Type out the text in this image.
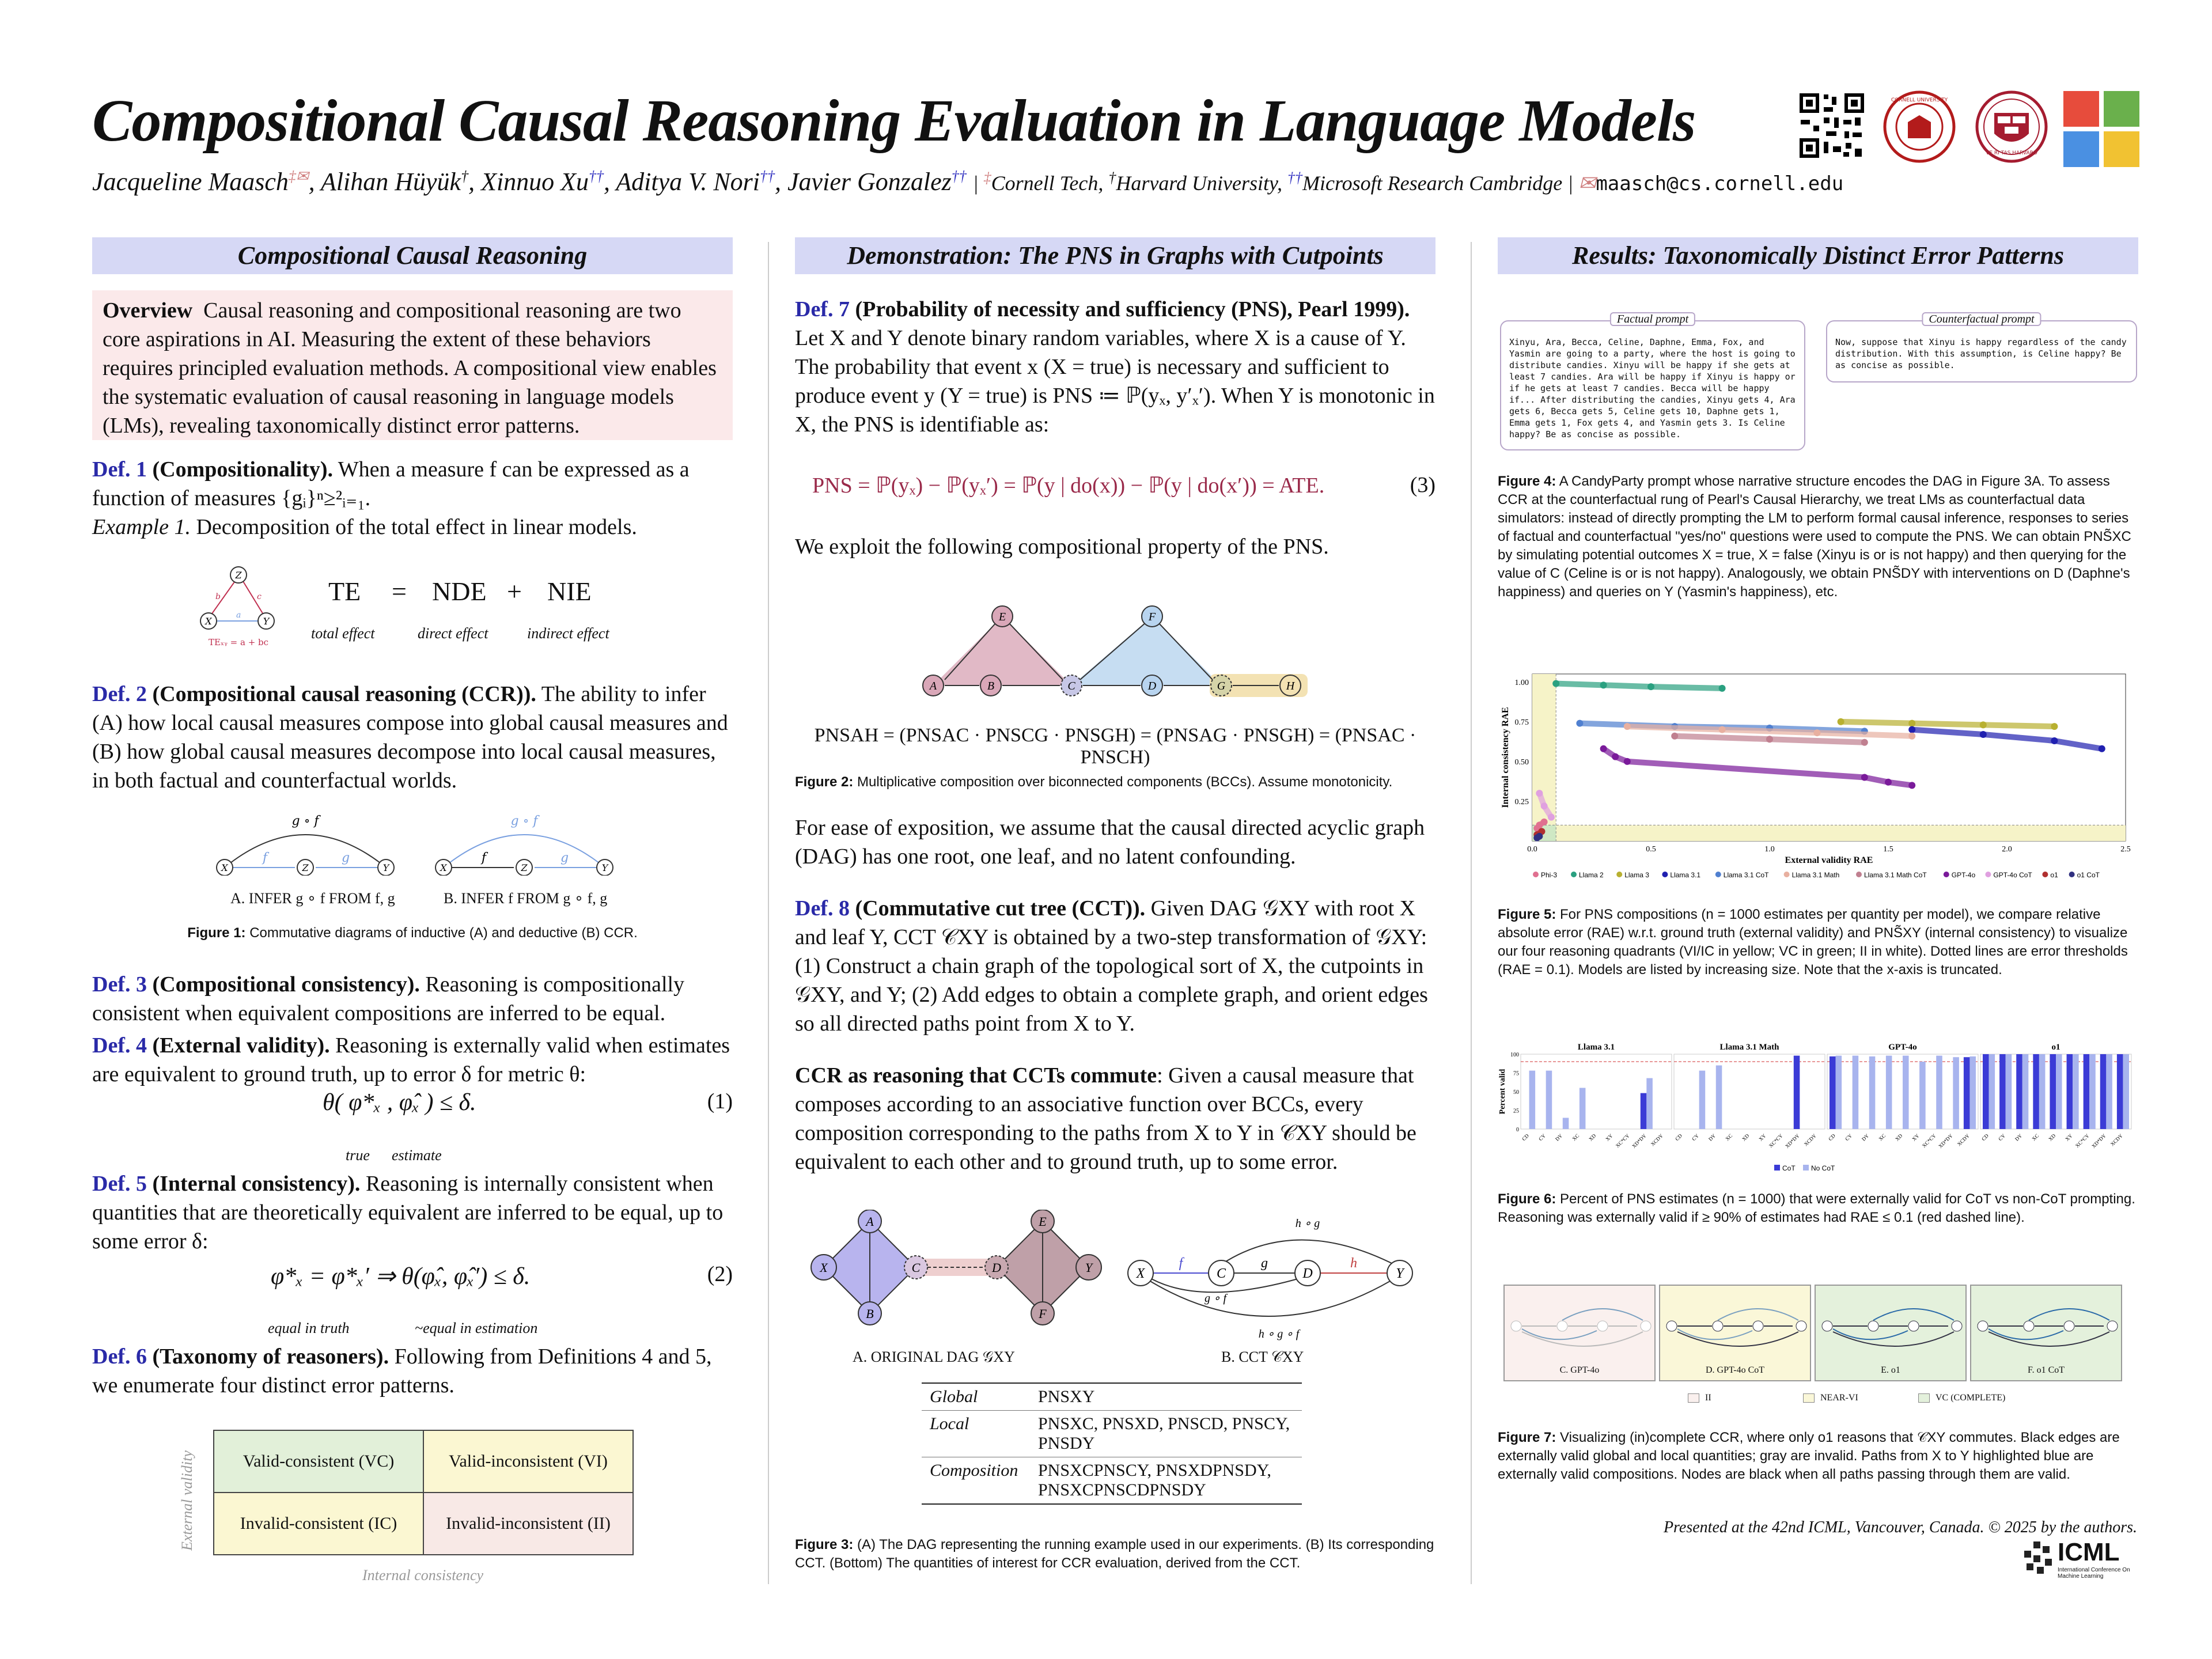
Compositional Causal Reasoning Evaluation in Language Models
Jacqueline Maasch‡✉, Alihan Hüyük†, Xinnuo Xu††, Aditya V. Nori††, Javier Gonzalez†† | ‡Cornell Tech, †Harvard University, ††Microsoft Research Cambridge | ✉maasch@cs.cornell.edu
CORNELL UNIVERSITY
VE RI TAS HARVARD
Compositional Causal Reasoning
Overview Causal reasoning and compositional reasoning are two core aspirations in AI. Measuring the extent of these behaviors requires principled evaluation methods. A compositional view enables the systematic evaluation of causal reasoning in language models (LMs), revealing taxonomically distinct error patterns.
Def. 1 (Compositionality). When a measure f can be expressed as a function of measures {gᵢ}ⁿ≥²ᵢ₌₁.
Example 1. Decomposition of the total effect in linear models.
Z
X	Y
b	c
a
TEₓᵧ = a + bc
TE = NDE + NIE
total effect	direct effect	indirect effect
Def. 2 (Compositional causal reasoning (CCR)). The ability to infer (A) how local causal measures compose into global causal measures and (B) how global causal measures decompose into local causal measures, in both factual and counterfactual worlds.
X	Z	Y
g ∘ f
f	g
X	Z	Y
g ∘ f
f	g
A. INFER g ∘ f FROM f, g	B. INFER f FROM g ∘ f, g
Figure 1: Commutative diagrams of inductive (A) and deductive (B) CCR.
Def. 3 (Compositional consistency). Reasoning is compositionally consistent when equivalent compositions are inferred to be equal.
Def. 4 (External validity). Reasoning is externally valid when estimates are equivalent to ground truth, up to error δ for metric θ:
θ( φ*ₓ , φ̂ₓ ) ≤ δ.	(1)
true estimate
Def. 5 (Internal consistency). Reasoning is internally consistent when quantities that are theoretically equivalent are inferred to be equal, up to some error δ:
φ*ₓ = φ*ₓ′ ⇒ θ(φ̂ₓ, φ̂ₓ′) ≤ δ.	(2)
equal in truth	~equal in estimation
Def. 6 (Taxonomy of reasoners). Following from Definitions 4 and 5, we enumerate four distinct error patterns.
External validity	Valid-consistent (VC)	Valid-inconsistent (VI)
Invalid-consistent (IC)	Invalid-inconsistent (II)
Internal consistency
Demonstration: The PNS in Graphs with Cutpoints
Def. 7 (Probability of necessity and sufficiency (PNS), Pearl 1999). Let X and Y denote binary random variables, where X is a cause of Y. The probability that event x (X = true) is necessary and sufficient to produce event y (Y = true) is PNS ≔ ℙ(yₓ, y′ₓ′). When Y is monotonic in X, the PNS is identifiable as:
PNS = ℙ(yₓ) − ℙ(yₓ′) = ℙ(y | do(x)) − ℙ(y | do(x′)) = ATE.	(3)
We exploit the following compositional property of the PNS.
A	B
E
C	D
F
G	H
PNSAH = (PNSAC · PNSCG · PNSGH) = (PNSAG · PNSGH) = (PNSAC · PNSCH)
Figure 2: Multiplicative composition over biconnected components (BCCs). Assume monotonicity.
For ease of exposition, we assume that the causal directed acyclic graph (DAG) has one root, one leaf, and no latent confounding.
Def. 8 (Commutative cut tree (CCT)). Given DAG 𝒢XY with root X and leaf Y, CCT 𝒞XY is obtained by a two-step transformation of 𝒢XY: (1) Construct a chain graph of the topological sort of X, the cutpoints in 𝒢XY, and Y; (2) Add edges to obtain a complete graph, and orient edges so all directed paths point from X to Y.
CCR as reasoning that CCTs commute: Given a causal measure that composes according to an associative function over BCCs, every composition corresponding to the paths from X to Y in 𝒞XY should be equivalent to each other and to ground truth, up to some error.
X
A
B
C	D
E
F
Y	X	C	D	Y
f	g	h
h ∘ g
g ∘ f
h ∘ g ∘ f
A. ORIGINAL DAG 𝒢XY	B. CCT 𝒞XY
Global	PNSXY
Local	PNSXC, PNSXD, PNSCD, PNSCY, PNSDY
Composition	PNSXCPNSCY, PNSXDPNSDY, PNSXCPNSCDPNSDY
Figure 3: (A) The DAG representing the running example used in our experiments. (B) Its corresponding CCT. (Bottom) The quantities of interest for CCR evaluation, derived from the CCT.
Results: Taxonomically Distinct Error Patterns
Factual prompt
Xinyu, Ara, Becca, Celine, Daphne, Emma, Fox, and Yasmin are going to a party, where the host is going to distribute candies. Xinyu will be happy if she gets at least 7 candies. Ara will be happy if Xinyu is happy or if he gets at least 7 candies. Becca will be happy if... After distributing the candies, Xinyu gets 4, Ara gets 6, Becca gets 5, Celine gets 10, Daphne gets 1, Emma gets 1, Fox gets 4, and Yasmin gets 3. Is Celine happy? Be as concise as possible.
Counterfactual prompt
Now, suppose that Xinyu is happy regardless of the candy distribution. With this assumption, is Celine happy? Be as concise as possible.
Figure 4: A CandyParty prompt whose narrative structure encodes the DAG in Figure 3A. To assess CCR at the counterfactual rung of Pearl's Causal Hierarchy, we treat LMs as counterfactual data simulators: instead of directly prompting the LM to perform formal causal inference, responses to series of factual and counterfactual "yes/no" questions were used to compute the PNS. We can obtain PNS̃XC by simulating potential outcomes X = true, X = false (Xinyu is or is not happy) and then querying for the value of C (Celine is or is not happy). Analogously, we obtain PNS̃DY with interventions on D (Daphne's happiness) and queries on Y (Yasmin's happiness), etc.
0.0	0.5	1.0	1.5	2.0	2.5
1.00
0.75
0.50
0.25
External validity RAE
Internal consistency RAE
Phi-3	Llama 2	Llama 3	Llama 3.1	Llama 3.1 CoT	Llama 3.1 Math	Llama 3.1 Math CoT	GPT-4o	GPT-4o CoT	o1	o1 CoT
Figure 5: For PNS compositions (n = 1000 estimates per quantity per model), we compare relative absolute error (RAE) w.r.t. ground truth (external validity) and PNS̃XY (internal consistency) to visualize our four reasoning quadrants (VI/IC in yellow; VC in green; II in white). Dotted lines are error thresholds (RAE = 0.1). Models are listed by increasing size. Note that the x-axis is truncated.
Percent valid
100
75
50
25
0
Llama 3.1
CD CY DY XC XD XY XC*CY XD*DY XCDY
Llama 3.1 Math
CD CY DY XC XD XY XC*CY XD*DY XCDY
GPT-4o
CD CY DY XC XD XY XC*CY XD*DY XCDY
o1
CD CY DY XC XD XY XC*CY XD*DY XCDY
CoT No CoT
Figure 6: Percent of PNS estimates (n = 1000) that were externally valid for CoT vs non-CoT prompting. Reasoning was externally valid if ≥ 90% of estimates had RAE ≤ 0.1 (red dashed line).
C. GPT-4o	D. GPT-4o CoT	E. o1	F. o1 CoT
II	NEAR-VI	VC (COMPLETE)
Figure 7: Visualizing (in)complete CCR, where only o1 reasons that 𝒞XY commutes. Black edges are externally valid global and local quantities; gray are invalid. Paths from X to Y highlighted blue are externally valid compositions. Nodes are black when all paths passing through them are valid.
Presented at the 42nd ICML, Vancouver, Canada. © 2025 by the authors.
ICML
International Conference On Machine Learning
